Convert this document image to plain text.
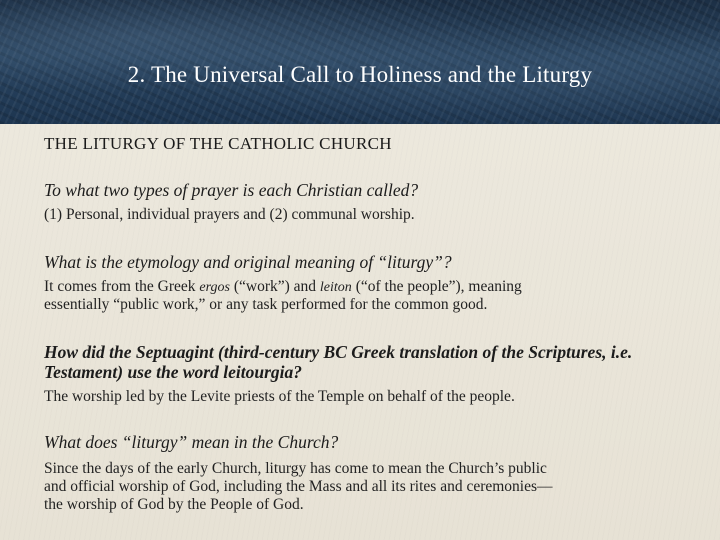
2. The Universal Call to Holiness and the Liturgy
THE LITURGY OF THE CATHOLIC CHURCH
To what two types of prayer is each Christian called?
(1) Personal, individual prayers and (2) communal worship.
What is the etymology and original meaning of “liturgy”?
It comes from the Greek ergos (“work”) and leiton (“of the people”), meaning
essentially “public work,” or any task performed for the common good.
How did the Septuagint (third-century BC Greek translation of the Scriptures, i.e.
Testament) use the word leitourgia?
The worship led by the Levite priests of the Temple on behalf of the people.
What does “liturgy” mean in the Church?
Since the days of the early Church, liturgy has come to mean the Church’s public
and official worship of God, including the Mass and all its rites and ceremonies—
the worship of God by the People of God.
